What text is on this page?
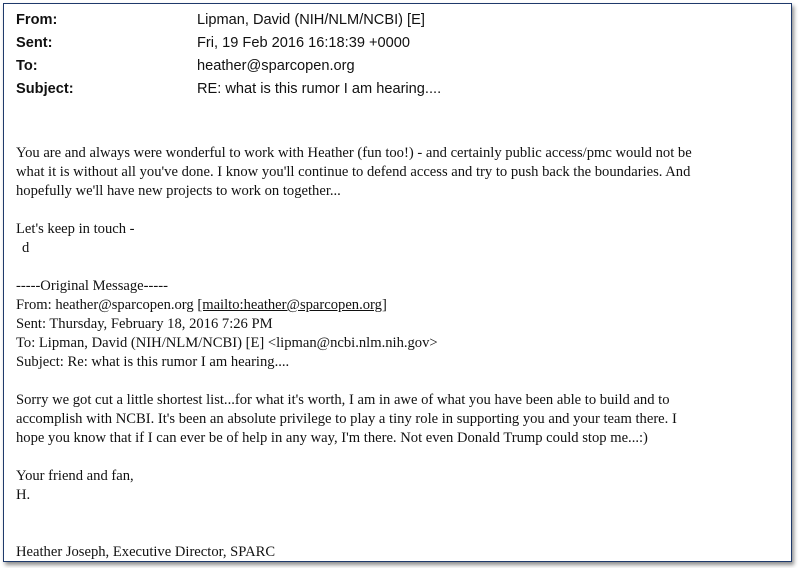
From:	Lipman, David (NIH/NLM/NCBI) [E]
Sent:	Fri, 19 Feb 2016 16:18:39 +0000
To:	heather@sparcopen.org
Subject:	RE: what is this rumor I am hearing....
You are and always were wonderful to work with Heather (fun too!) - and certainly public access/pmc would not be
what it is without all you've done. I know you'll continue to defend access and try to push back the boundaries. And
hopefully we'll have new projects to work on together...
Let's keep in touch -
d
-----Original Message-----
From: heather@sparcopen.org [mailto:heather@sparcopen.org]
Sent: Thursday, February 18, 2016 7:26 PM
To: Lipman, David (NIH/NLM/NCBI) [E] <lipman@ncbi.nlm.nih.gov>
Subject: Re: what is this rumor I am hearing....
Sorry we got cut a little shortest list...for what it's worth, I am in awe of what you have been able to build and to
accomplish with NCBI. It's been an absolute privilege to play a tiny role in supporting you and your team there. I
hope you know that if I can ever be of help in any way, I'm there. Not even Donald Trump could stop me...:)
Your friend and fan,
H.
Heather Joseph, Executive Director, SPARC
